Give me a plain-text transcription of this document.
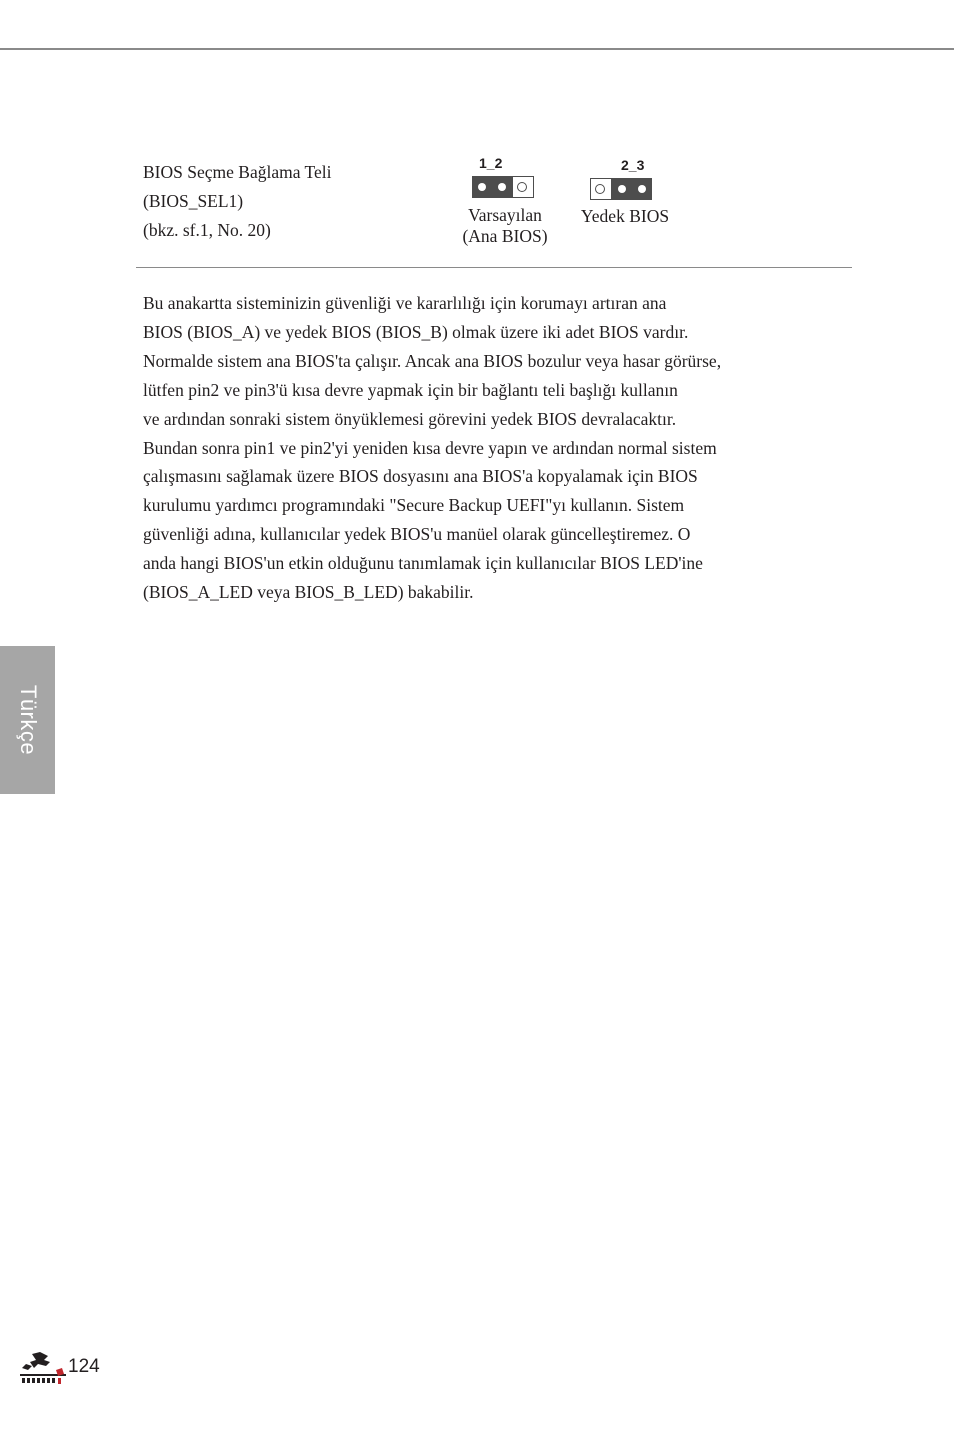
BIOS Seçme Bağlama Teli
(BIOS_SEL1)
(bkz. sf.1, No. 20)
1_2
Varsayılan
(Ana BIOS)
2_3
Yedek BIOS
Bu anakartta sisteminizin güvenliği ve kararlılığı için korumayı artıran ana
BIOS (BIOS_A) ve yedek BIOS (BIOS_B) olmak üzere iki adet BIOS vardır.
Normalde sistem ana BIOS'ta çalışır. Ancak ana BIOS bozulur veya hasar görürse,
lütfen pin2 ve pin3'ü kısa devre yapmak için bir bağlantı teli başlığı kullanın
ve ardından sonraki sistem önyüklemesi görevini yedek BIOS devralacaktır.
Bundan sonra pin1 ve pin2'yi yeniden kısa devre yapın ve ardından normal sistem
çalışmasını sağlamak üzere BIOS dosyasını ana BIOS'a kopyalamak için BIOS
kurulumu yardımcı programındaki "Secure Backup UEFI"yı kullanın. Sistem
güvenliği adına, kullanıcılar yedek BIOS'u manüel olarak güncelleştiremez. O
anda hangi BIOS'un etkin olduğunu tanımlamak için kullanıcılar BIOS LED'ine
(BIOS_A_LED veya BIOS_B_LED) bakabilir.
Türkçe
124
